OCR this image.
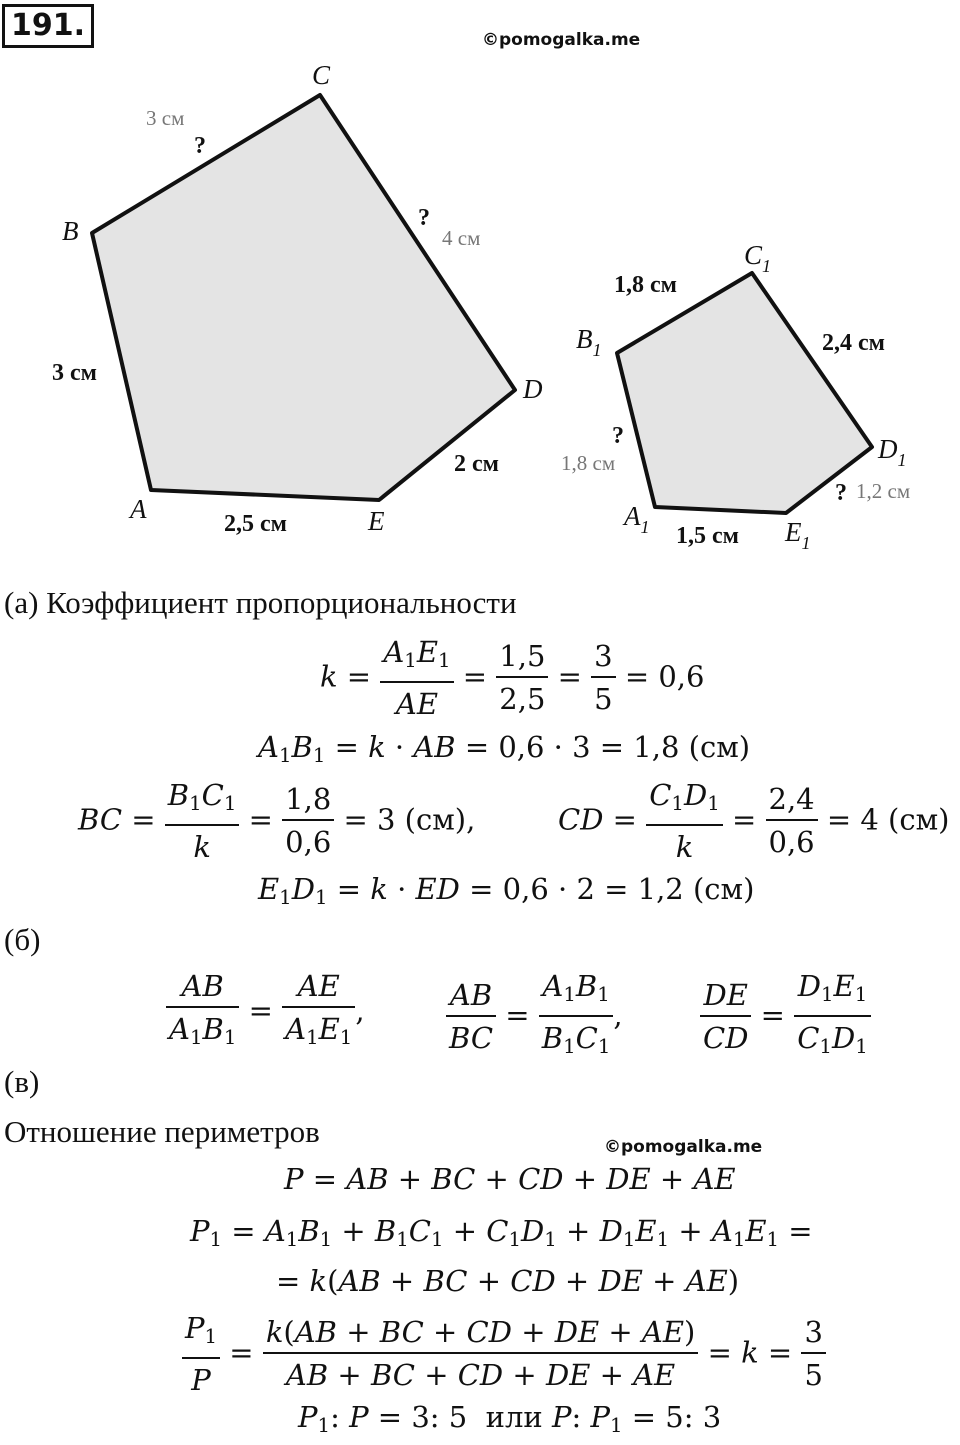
191.	©pomogalka.me
B
C
D
A	E
3 см
3 см
?
?
4 см
2 см
2,5 см
$C_1$
$B_1$
$D_1$
$A_1$	$E_1$
1,8 см
2,4 см
?
1,8 см
? 1,2 см
1,5 см
(а) Коэффициент пропорциональности
$k = \frac{A_1E_1}{AE} = \frac{1,5}{2,5} = \frac{3}{5} = 0,6$
$A_1B_1 = k$ · AB = 0,6 · 3 = 1,8 (см)
BC = $\frac{B_1C_1}{k} = \frac{1,8}{0,6} = 3$ (см),	CD = $\frac{C_1D_1}{k} = \frac{2,4}{0,6} = 4$ (см)
$E_1D_1 = k$ · ED = 0,6 · 2 = 1,2 (см)
(б)
$\frac{AB}{A_1B_1} = \frac{AE}{A_1E_1}$ ,	$\frac{AB}{BC} = \frac{A_1B_1}{B_1C_1}$ ,	$\frac{DE}{CD} = \frac{D_1E_1}{C_1D_1}$
(в)
Отношение периметров	©pomogalka.me
P = AB + BC + CD + DE + AE
$P_1 = A_1B_1 + B_1C_1 + C_1D_1 + D_1E_1 + A_1E_1$ =
= k(AB + BC + CD + DE + AE)
$\frac{P_1}{P} = \frac{k(AB + BC + CD + DE + AE)}{AB + BC + CD + DE + AE} = k = \frac{3}{5}$
$P_1$: P = 3: 5  или P: $P_1 = 5$: 3
